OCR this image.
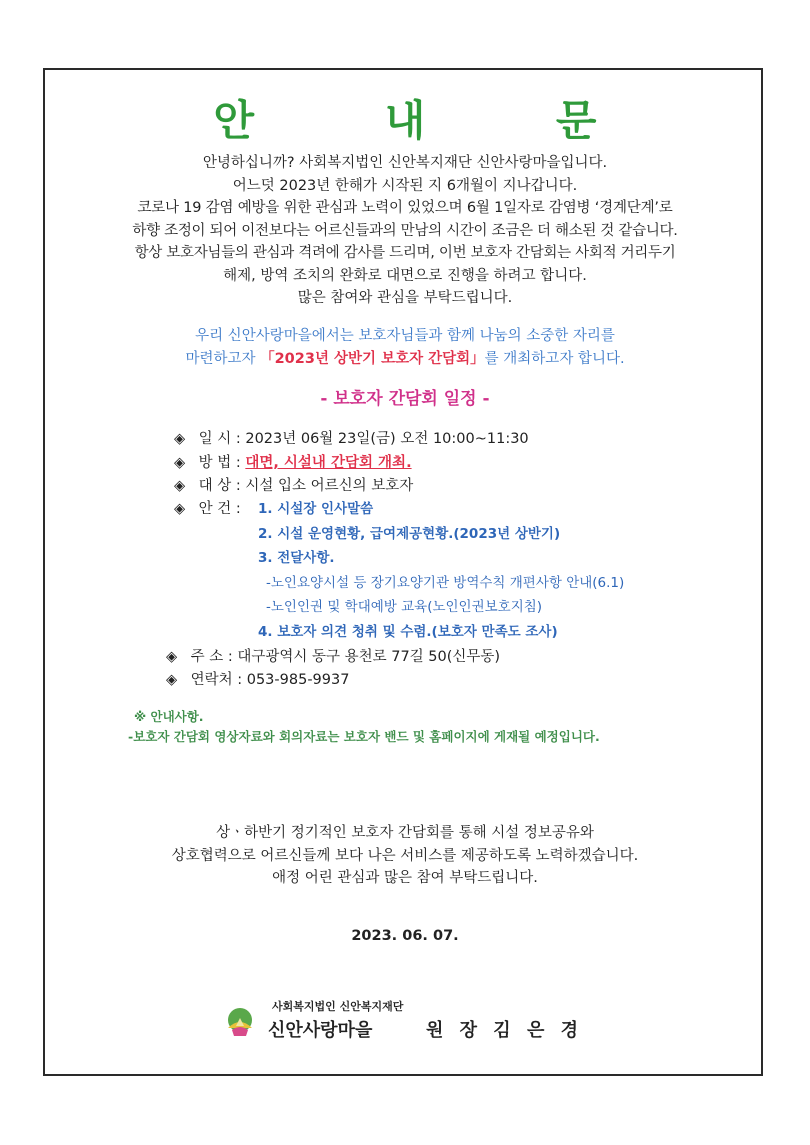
안 내 문
안녕하십니까? 사회복지법인 신안복지재단 신안사랑마을입니다.
어느덧 2023년 한해가 시작된 지 6개월이 지나갑니다.
코로나 19 감염 예방을 위한 관심과 노력이 있었으며 6월 1일자로 감염병 ‘경계단계’로
하향 조정이 되어 이전보다는 어르신들과의 만남의 시간이 조금은 더 해소된 것 같습니다.
항상 보호자님들의 관심과 격려에 감사를 드리며, 이번 보호자 간담회는 사회적 거리두기
해제, 방역 조치의 완화로 대면으로 진행을 하려고 합니다.
많은 참여와 관심을 부탁드립니다.
우리 신안사랑마을에서는 보호자님들과 함께 나눔의 소중한 자리를
마련하고자 「2023년 상반기 보호자 간담회」를 개최하고자 합니다.
- 보호자 간담회 일정 -
◈ 일 시 : 2023년 06월 23일(금) 오전 10:00~11:30
◈ 방 법 : 대면, 시설내 간담회 개최.
◈ 대 상 : 시설 입소 어르신의 보호자
◈ 안 건 : 1. 시설장 인사말씀
2. 시설 운영현황, 급여제공현황.(2023년 상반기)
3. 전달사항.
-노인요양시설 등 장기요양기관 방역수칙 개편사항 안내(6.1)
-노인인권 및 학대예방 교육(노인인권보호지침)
4. 보호자 의견 청취 및 수렴.(보호자 만족도 조사)
◈ 주 소 : 대구광역시 동구 용천로 77길 50(신무동)
◈ 연락처 : 053-985-9937
※ 안내사항.
-보호자 간담회 영상자료와 회의자료는 보호자 밴드 및 홈페이지에 게재될 예정입니다.
상ㆍ하반기 정기적인 보호자 간담회를 통해 시설 정보공유와
상호협력으로 어르신들께 보다 나은 서비스를 제공하도록 노력하겠습니다.
애정 어린 관심과 많은 참여 부탁드립니다.
2023. 06. 07.
사회복지법인 신안복지재단
신안사랑마을	원 장 김 은 경
